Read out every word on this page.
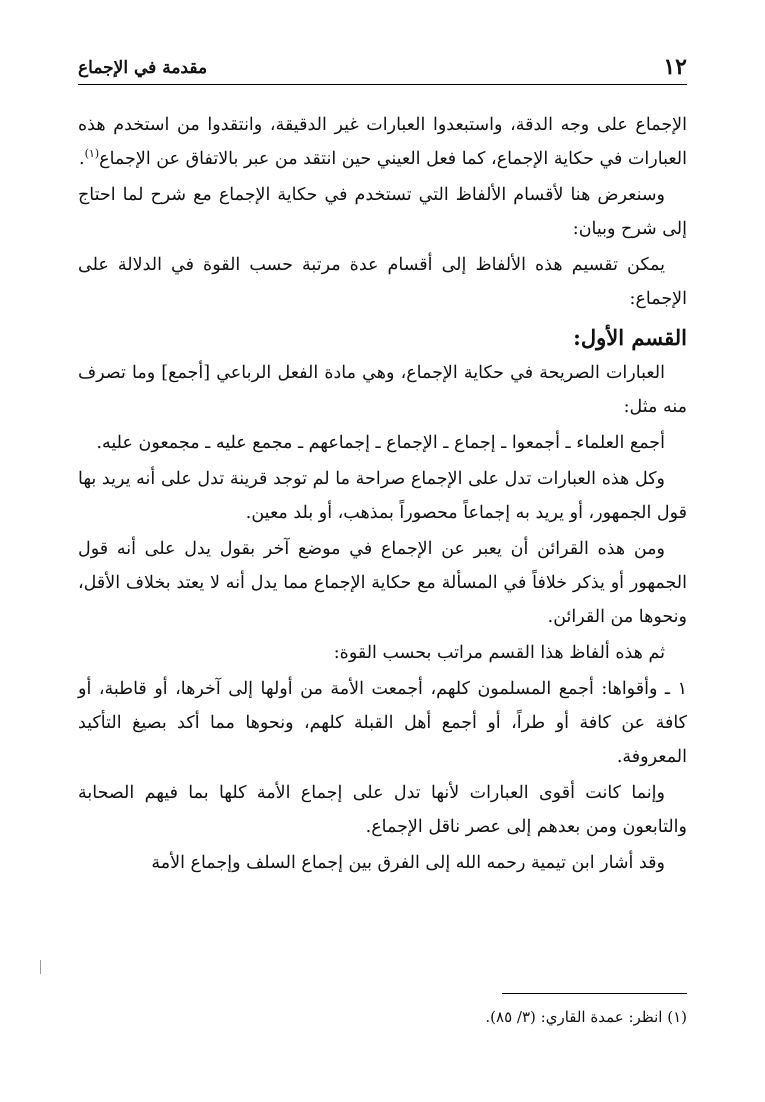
١٢
مقدمة في الإجماع

الإجماع على وجه الدقة، واستبعدوا العبارات غير الدقيقة، وانتقدوا من استخدم هذه العبارات في حكاية الإجماع، كما فعل العيني حين انتقد من عبر بالاتفاق عن الإجماع$^{(١)}$.

وسنعرض هنا لأقسام الألفاظ التي تستخدم في حكاية الإجماع مع شرح لما احتاج إلى شرح وبيان:

يمكن تقسيم هذه الألفاظ إلى أقسام عدة مرتبة حسب القوة في الدلالة على الإجماع:

القسم الأول:

العبارات الصريحة في حكاية الإجماع، وهي مادة الفعل الرباعي [أجمع] وما تصرف منه مثل:

أجمع العلماء ـ أجمعوا ـ إجماع ـ الإجماع ـ إجماعهم ـ مجمع عليه ـ مجمعون عليه.

وكل هذه العبارات تدل على الإجماع صراحة ما لم توجد قرينة تدل على أنه يريد بها قول الجمهور، أو يريد به إجماعاً محصوراً بمذهب، أو بلد معين.

ومن هذه القرائن أن يعبر عن الإجماع في موضع آخر بقول يدل على أنه قول الجمهور أو يذكر خلافاً في المسألة مع حكاية الإجماع مما يدل أنه لا يعتد بخلاف الأقل، ونحوها من القرائن.

ثم هذه ألفاظ هذا القسم مراتب بحسب القوة:

١ ـ وأقواها: أجمع المسلمون كلهم، أجمعت الأمة من أولها إلى آخرها، أو قاطبة، أو كافة عن كافة أو طراً، أو أجمع أهل القبلة كلهم، ونحوها مما أكد بصيغ التأكيد المعروفة.

وإنما كانت أقوى العبارات لأنها تدل على إجماع الأمة كلها بما فيهم الصحابة والتابعون ومن بعدهم إلى عصر ناقل الإجماع.

وقد أشار ابن تيمية رحمه الله إلى الفرق بين إجماع السلف وإجماع الأمة

(١) انظر: عمدة القاري: (٣/ ٨٥).
